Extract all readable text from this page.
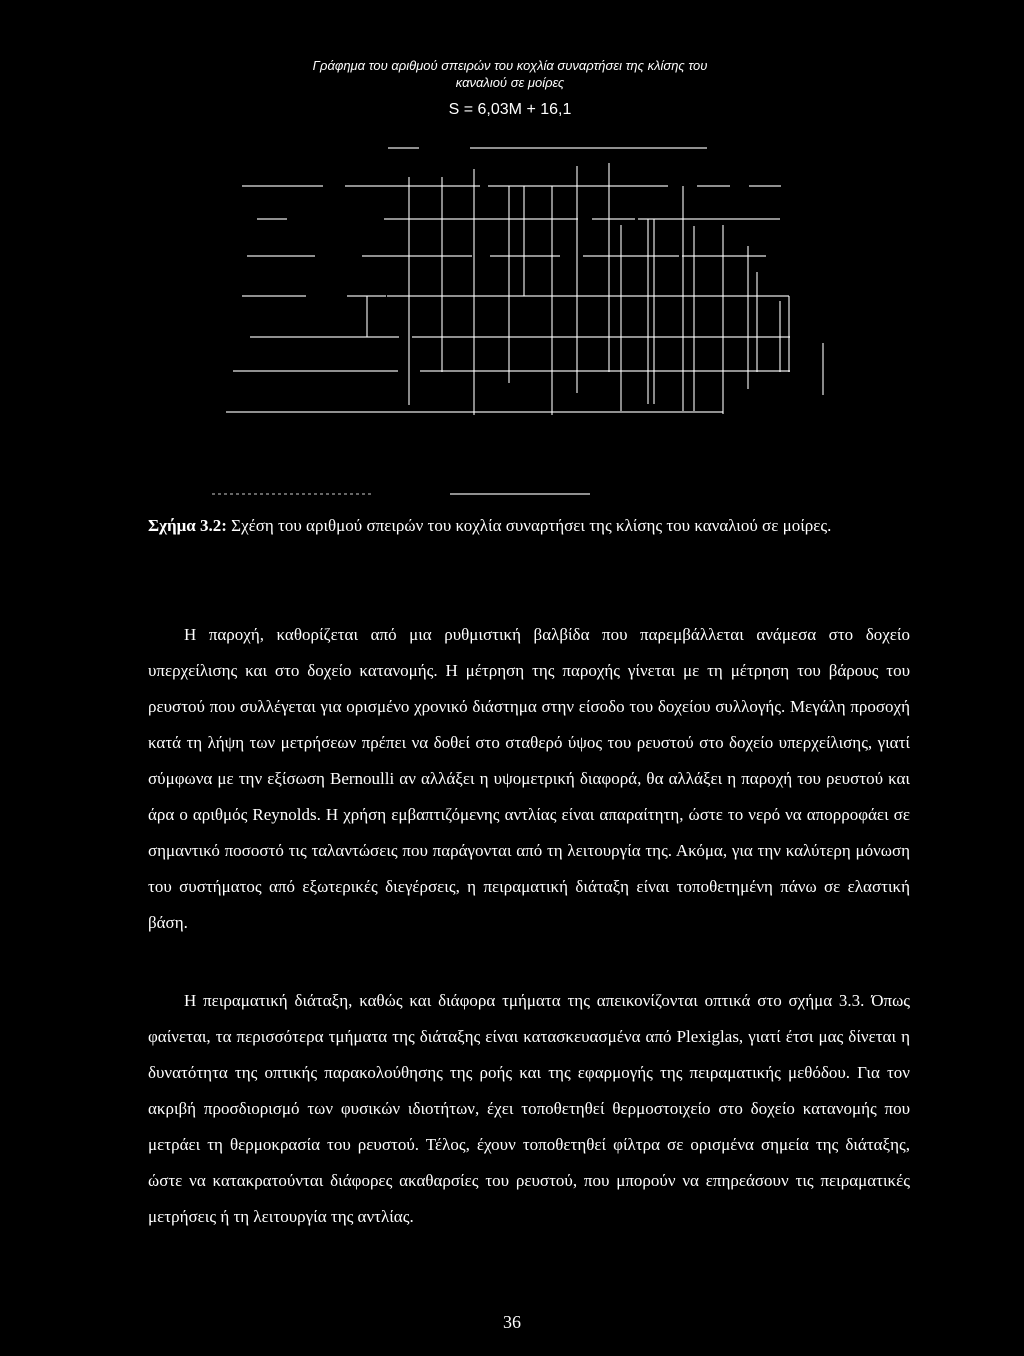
Γράφημα του αριθμού σπειρών του κοχλία συναρτήσει της κλίσης του
καναλιού σε μοίρες
S = 6,03M + 16,1

Σχήμα 3.2: Σχέση του αριθμού σπειρών του κοχλία συναρτήσει της κλίσης του καναλιού σε μοίρες.

Η παροχή, καθορίζεται από μια ρυθμιστική βαλβίδα που παρεμβάλλεται ανάμεσα στο δοχείο υπερχείλισης και στο δοχείο κατανομής. Η μέτρηση της παροχής γίνεται με τη μέτρηση του βάρους του ρευστού που συλλέγεται για ορισμένο χρονικό διάστημα στην είσοδο του δοχείου συλλογής. Μεγάλη προσοχή κατά τη λήψη των μετρήσεων πρέπει να δοθεί στο σταθερό ύψος του ρευστού στο δοχείο υπερχείλισης, γιατί σύμφωνα με την εξίσωση Bernoulli αν αλλάξει η υψομετρική διαφορά, θα αλλάξει η παροχή του ρευστού και άρα ο αριθμός Reynolds. Η χρήση εμβαπτιζόμενης αντλίας είναι απαραίτητη, ώστε το νερό να απορροφάει σε σημαντικό ποσοστό τις ταλαντώσεις που παράγονται από τη λειτουργία της. Ακόμα, για την καλύτερη μόνωση του συστήματος από εξωτερικές διεγέρσεις, η πειραματική διάταξη είναι τοποθετημένη πάνω σε ελαστική βάση.

Η πειραματική διάταξη, καθώς και διάφορα τμήματα της απεικονίζονται οπτικά στο σχήμα 3.3. Όπως φαίνεται, τα περισσότερα τμήματα της διάταξης είναι κατασκευασμένα από Plexiglas, γιατί έτσι μας δίνεται η δυνατότητα της οπτικής παρακολούθησης της ροής και της εφαρμογής της πειραματικής μεθόδου. Για τον ακριβή προσδιορισμό των φυσικών ιδιοτήτων, έχει τοποθετηθεί θερμοστοιχείο στο δοχείο κατανομής που μετράει τη θερμοκρασία του ρευστού. Τέλος, έχουν τοποθετηθεί φίλτρα σε ορισμένα σημεία της διάταξης, ώστε να κατακρατούνται διάφορες ακαθαρσίες του ρευστού, που μπορούν να επηρεάσουν τις πειραματικές μετρήσεις ή τη λειτουργία της αντλίας.

36
